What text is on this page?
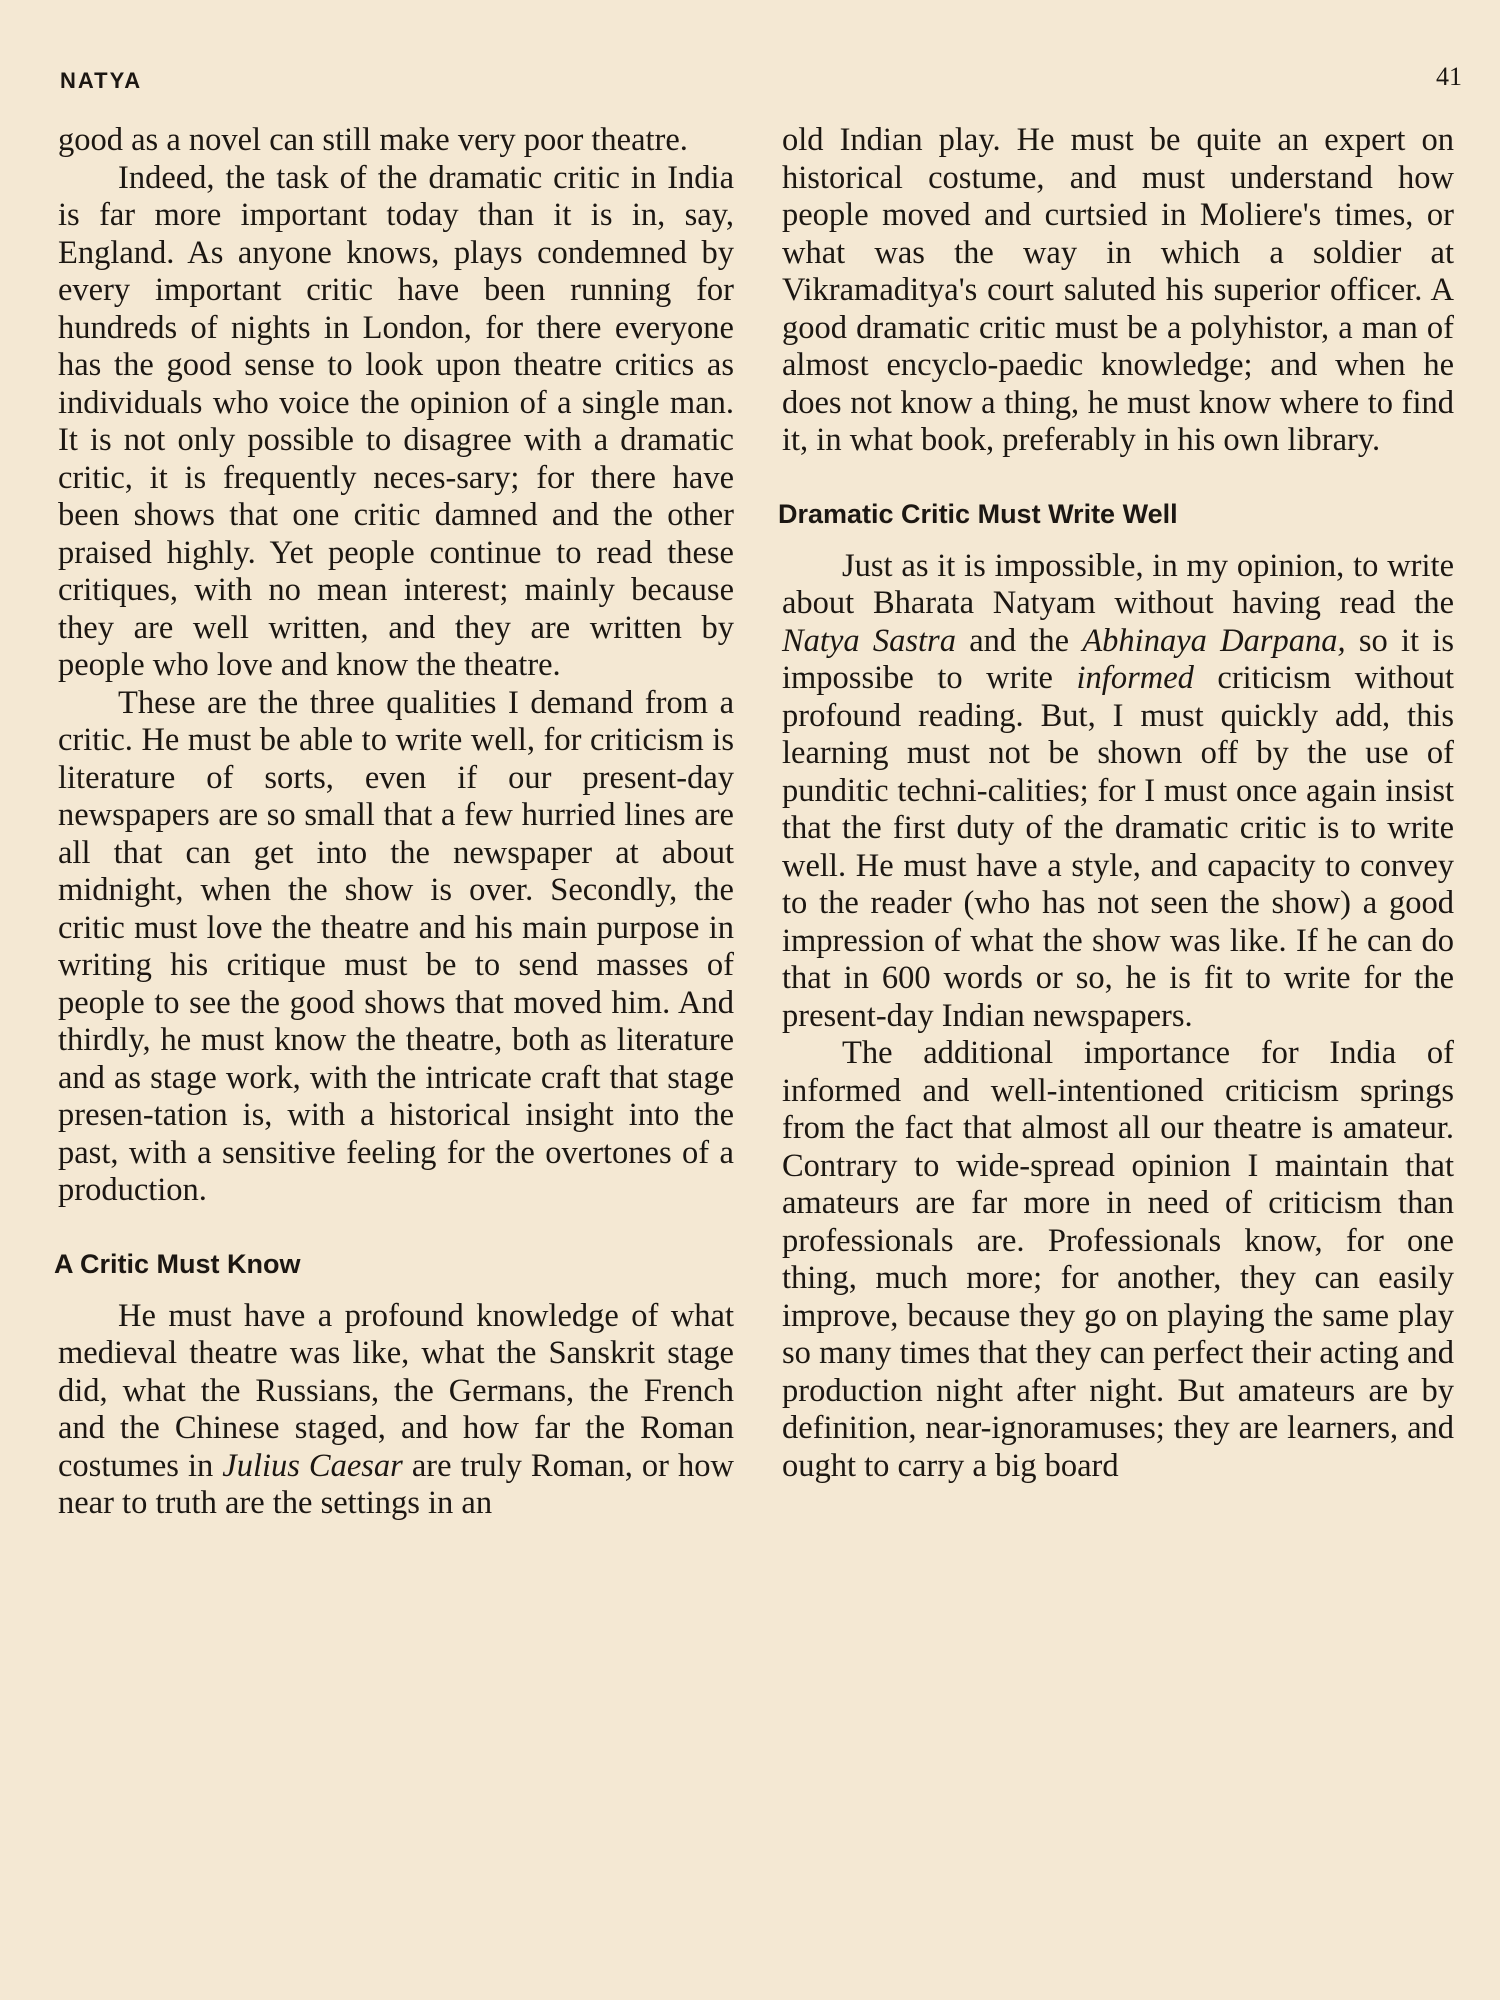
NATYA	41

good as a novel can still make very poor theatre.

Indeed, the task of the dramatic critic in India is far more important today than it is in, say, England. As anyone knows, plays condemned by every important critic have been running for hundreds of nights in London, for there everyone has the good sense to look upon theatre critics as individuals who voice the opinion of a single man. It is not only possible to disagree with a dramatic critic, it is frequently neces-sary; for there have been shows that one critic damned and the other praised highly. Yet people continue to read these critiques, with no mean interest; mainly because they are well written, and they are written by people who love and know the theatre.

These are the three qualities I demand from a critic. He must be able to write well, for criticism is literature of sorts, even if our present-day newspapers are so small that a few hurried lines are all that can get into the newspaper at about midnight, when the show is over. Secondly, the critic must love the theatre and his main purpose in writing his critique must be to send masses of people to see the good shows that moved him. And thirdly, he must know the theatre, both as literature and as stage work, with the intricate craft that stage presen-tation is, with a historical insight into the past, with a sensitive feeling for the overtones of a production.

A Critic Must Know

He must have a profound knowledge of what medieval theatre was like, what the Sanskrit stage did, what the Russians, the Germans, the French and the Chinese staged, and how far the Roman costumes in Julius Caesar are truly Roman, or how near to truth are the settings in an

old Indian play. He must be quite an expert on historical costume, and must understand how people moved and curtsied in Moliere's times, or what was the way in which a soldier at Vikramaditya's court saluted his superior officer. A good dramatic critic must be a polyhistor, a man of almost encyclo-paedic knowledge; and when he does not know a thing, he must know where to find it, in what book, preferably in his own library.

Dramatic Critic Must Write Well

Just as it is impossible, in my opinion, to write about Bharata Natyam without having read the Natya Sastra and the Abhinaya Darpana, so it is impossibe to write informed criticism without profound reading. But, I must quickly add, this learning must not be shown off by the use of punditic techni-calities; for I must once again insist that the first duty of the dramatic critic is to write well. He must have a style, and capacity to convey to the reader (who has not seen the show) a good impression of what the show was like. If he can do that in 600 words or so, he is fit to write for the present-day Indian newspapers.

The additional importance for India of informed and well-intentioned criticism springs from the fact that almost all our theatre is amateur. Contrary to wide-spread opinion I maintain that amateurs are far more in need of criticism than professionals are. Professionals know, for one thing, much more; for another, they can easily improve, because they go on playing the same play so many times that they can perfect their acting and production night after night. But amateurs are by definition, near-ignoramuses; they are learners, and ought to carry a big board
